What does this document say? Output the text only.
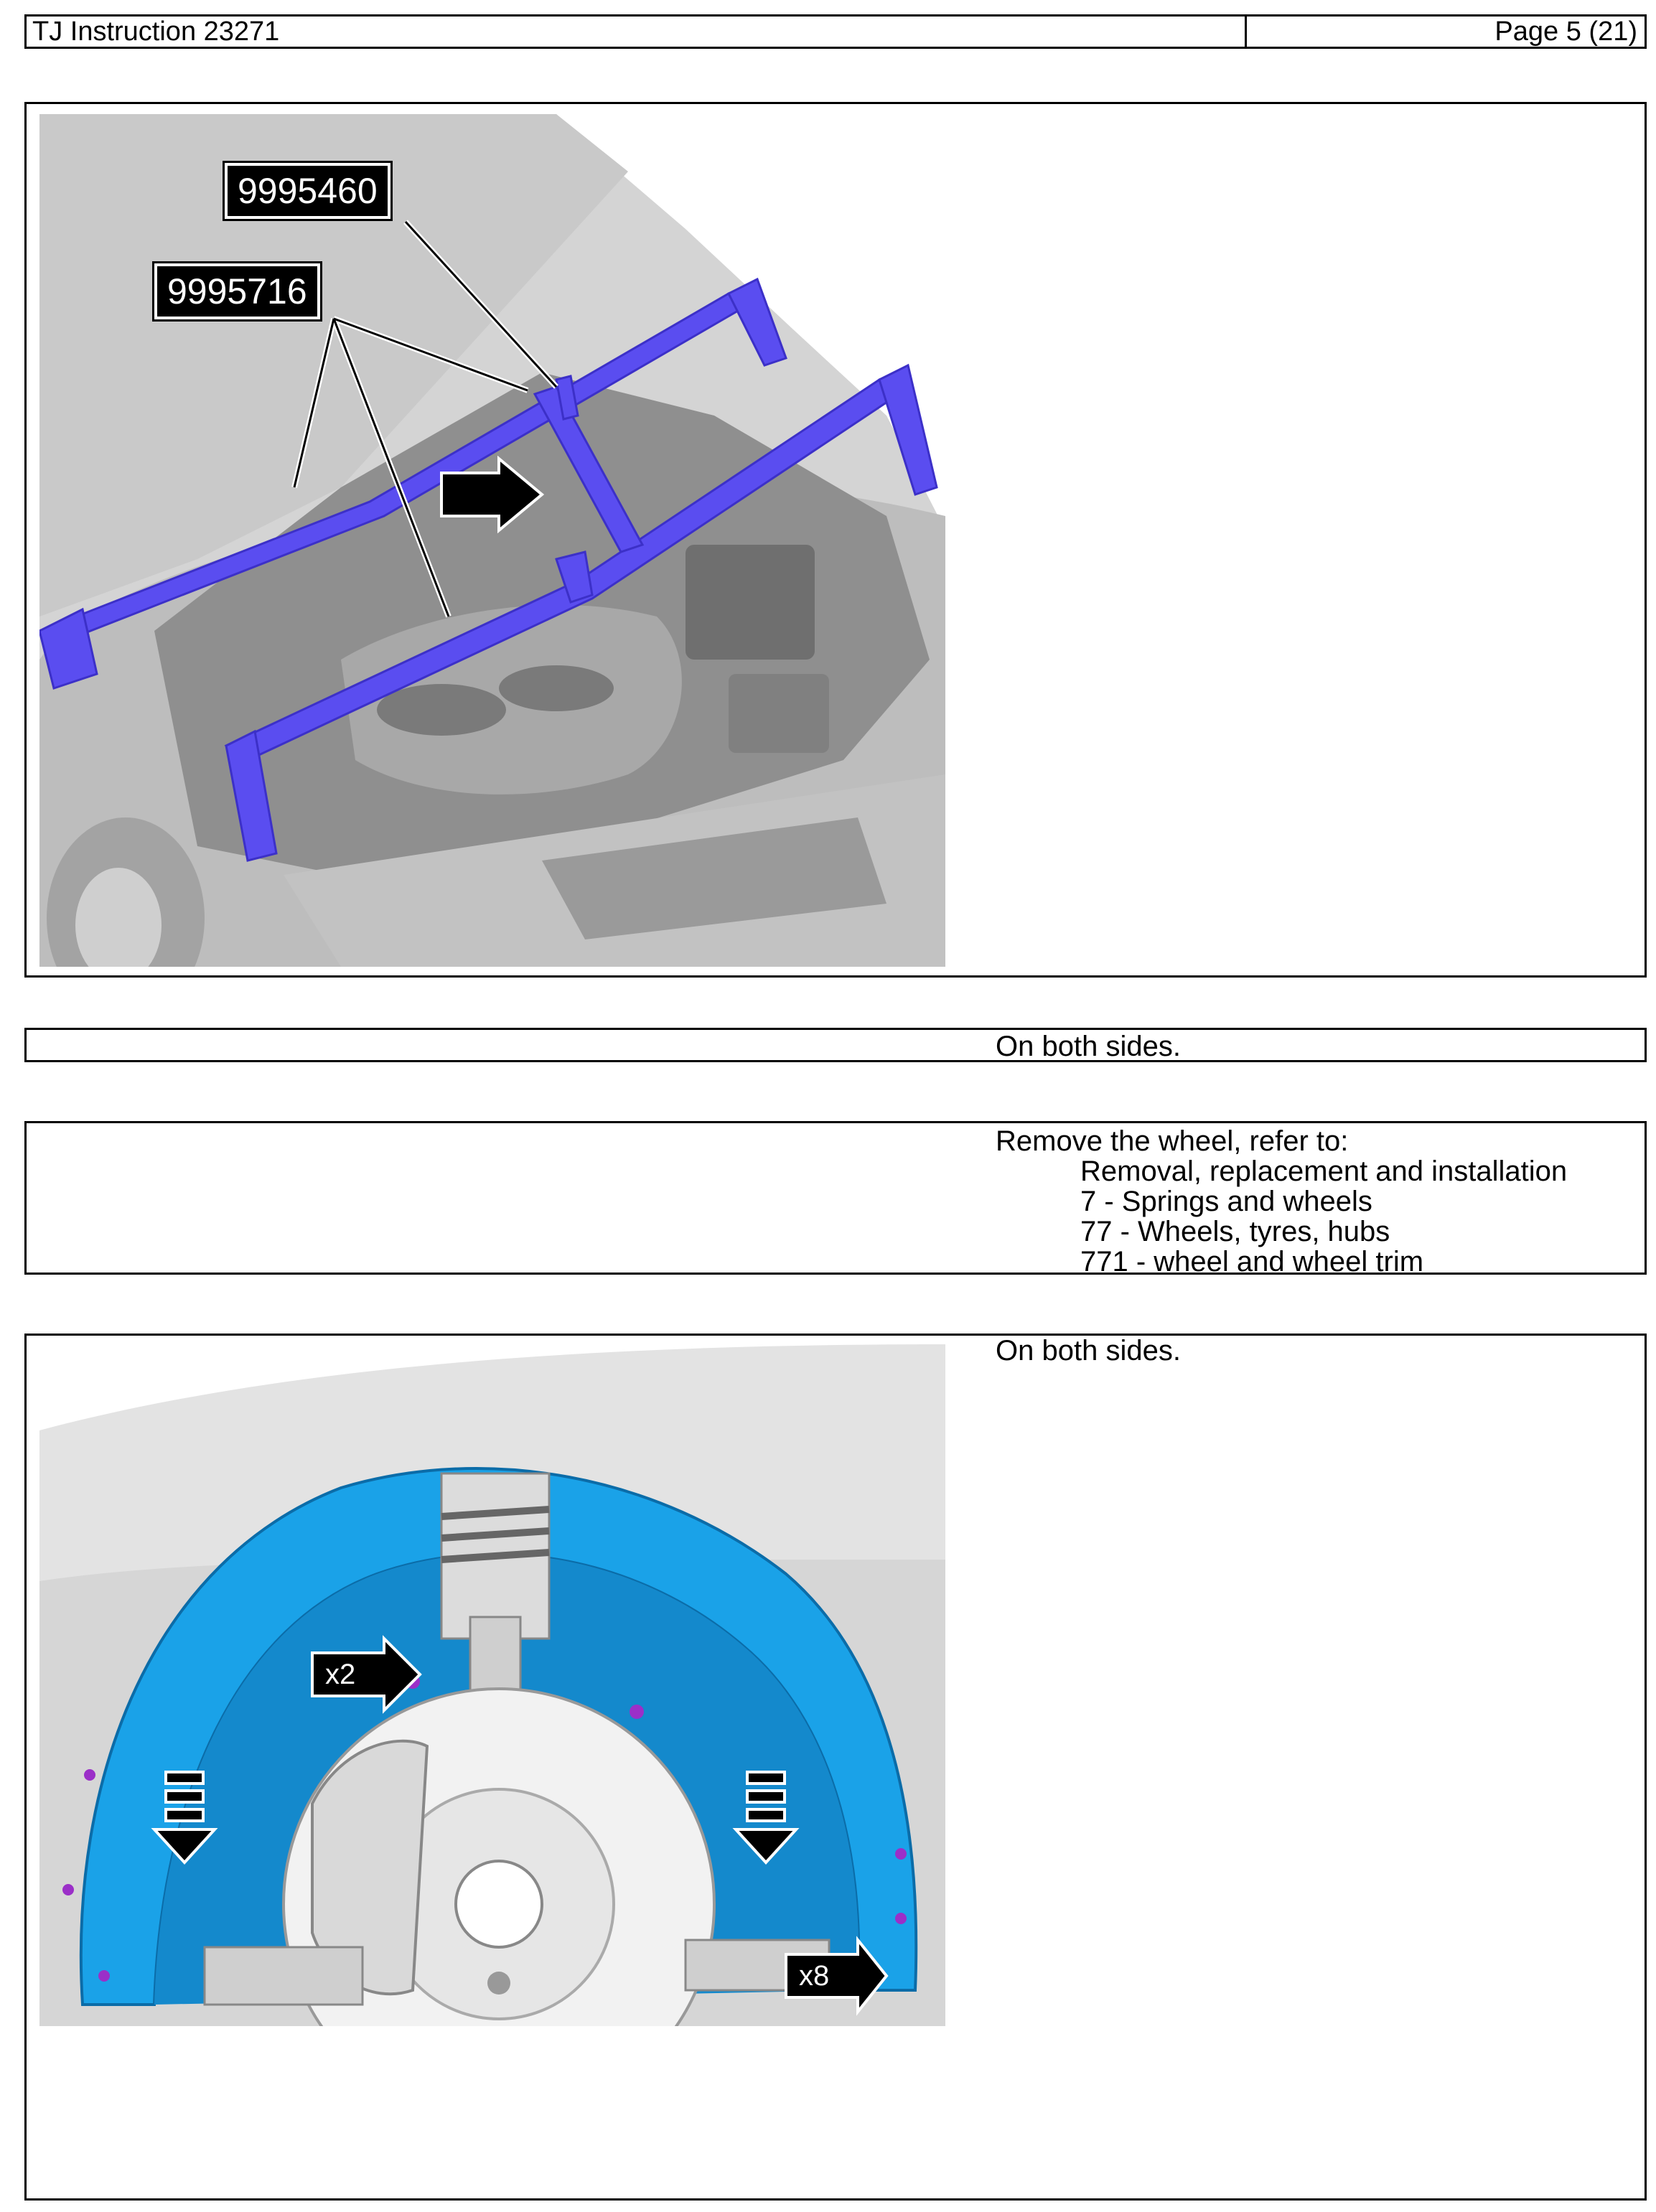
TJ Instruction 23271	Page 5 (21)
9995460
9995716
On both sides.
Remove the wheel, refer to:
Removal, replacement and installation
7 - Springs and wheels
77 - Wheels, tyres, hubs
771 - wheel and wheel trim
On both sides.
x2
x8
